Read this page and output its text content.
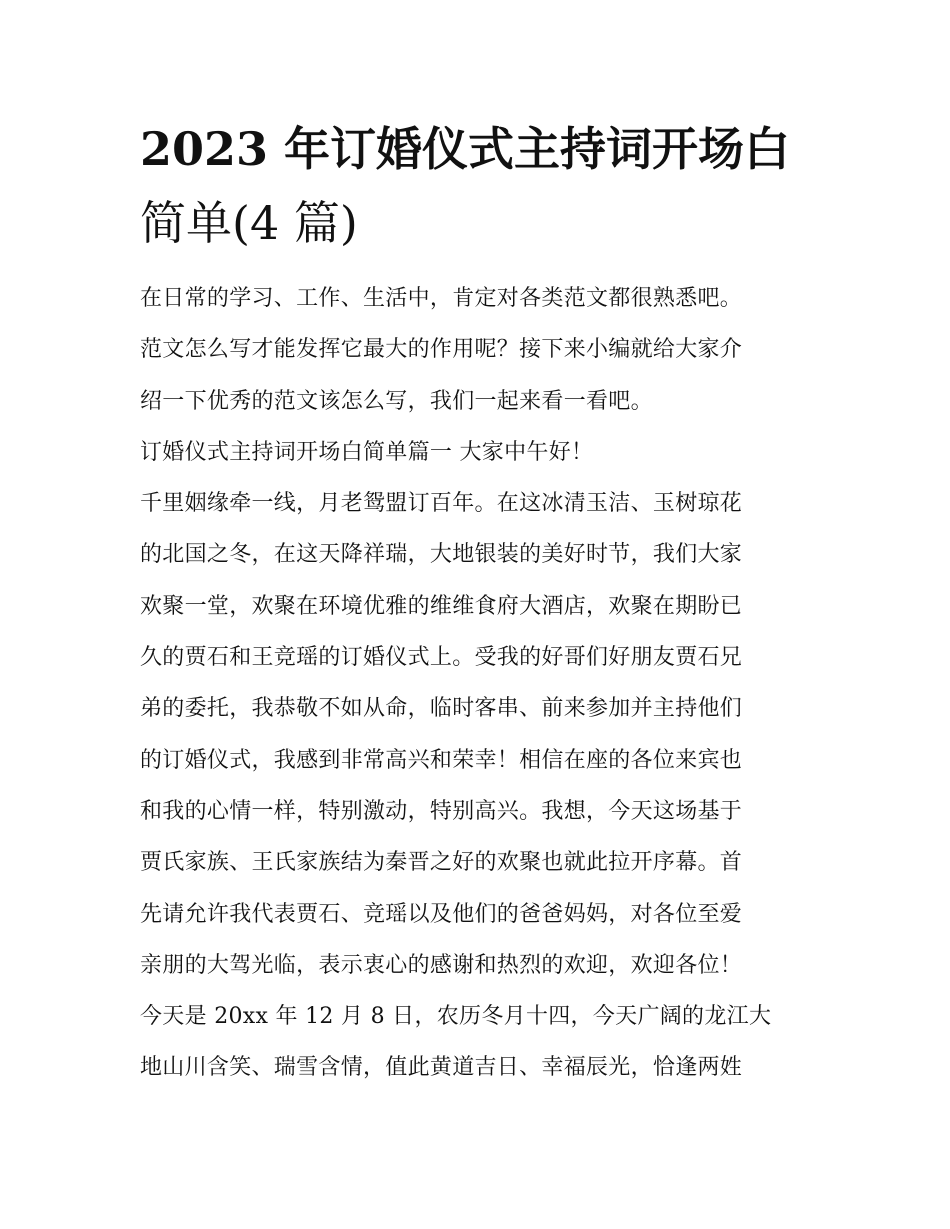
2023 年订婚仪式主持词开场白
简单(4 篇)

在日常的学习、工作、生活中，肯定对各类范文都很熟悉吧。

范文怎么写才能发挥它最大的作用呢？接下来小编就给大家介

绍一下优秀的范文该怎么写，我们一起来看一看吧。

订婚仪式主持词开场白简单篇一 大家中午好！

千里姻缘牵一线，月老鸳盟订百年。在这冰清玉洁、玉树琼花

的北国之冬，在这天降祥瑞，大地银装的美好时节，我们大家

欢聚一堂，欢聚在环境优雅的维维食府大酒店，欢聚在期盼已

久的贾石和王竞瑶的订婚仪式上。受我的好哥们好朋友贾石兄

弟的委托，我恭敬不如从命，临时客串、前来参加并主持他们

的订婚仪式，我感到非常高兴和荣幸！相信在座的各位来宾也

和我的心情一样，特别激动，特别高兴。我想，今天这场基于

贾氏家族、王氏家族结为秦晋之好的欢聚也就此拉开序幕。首

先请允许我代表贾石、竞瑶以及他们的爸爸妈妈，对各位至爱

亲朋的大驾光临，表示衷心的感谢和热烈的欢迎，欢迎各位！

今天是 20xx 年 12 月 8 日，农历冬月十四，今天广阔的龙江大

地山川含笑、瑞雪含情，值此黄道吉日、幸福辰光，恰逢两姓
